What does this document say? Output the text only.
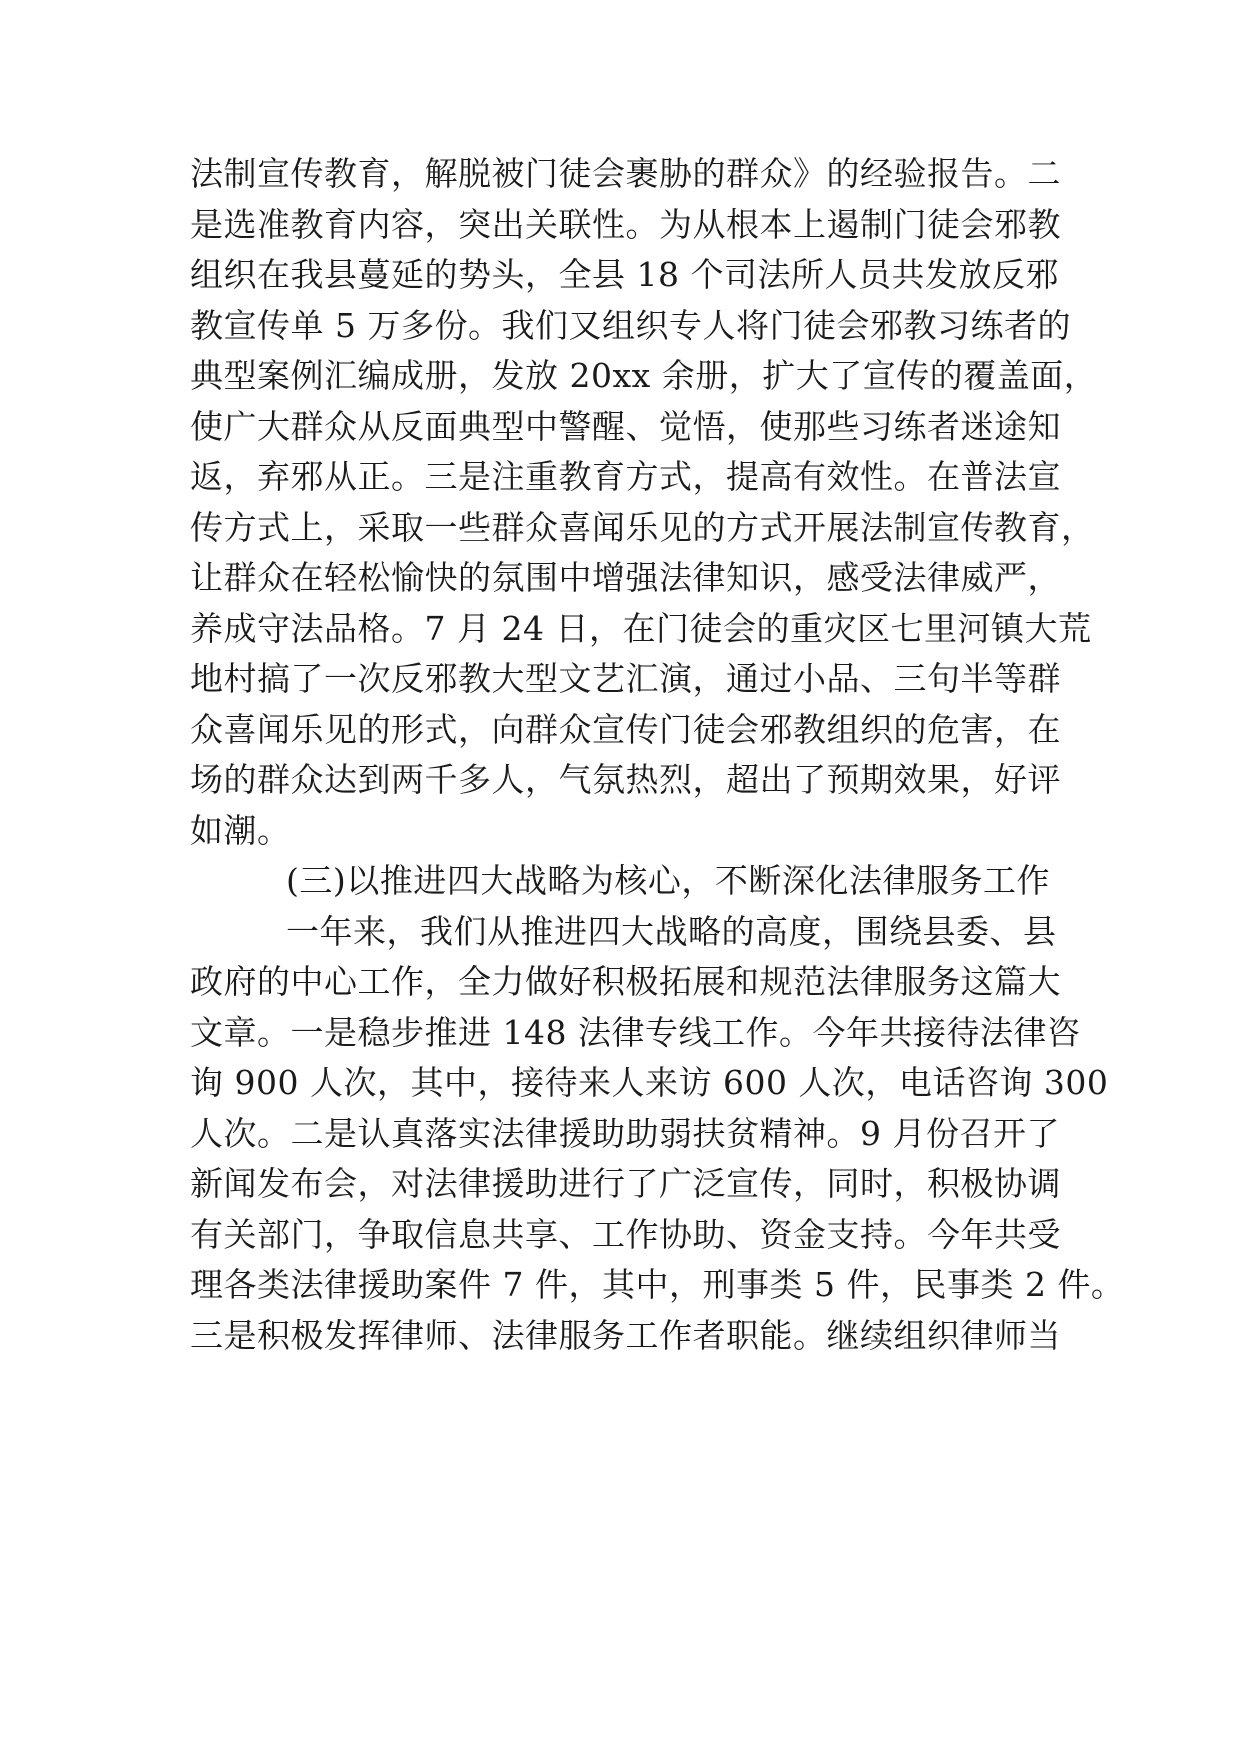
法制宣传教育，解脱被门徒会裹胁的群众》的经验报告。二
是选准教育内容，突出关联性。为从根本上遏制门徒会邪教
组织在我县蔓延的势头，全县 18 个司法所人员共发放反邪
教宣传单 5 万多份。我们又组织专人将门徒会邪教习练者的
典型案例汇编成册，发放 20xx 余册，扩大了宣传的覆盖面，
使广大群众从反面典型中警醒、觉悟，使那些习练者迷途知
返，弃邪从正。三是注重教育方式，提高有效性。在普法宣
传方式上，采取一些群众喜闻乐见的方式开展法制宣传教育，
让群众在轻松愉快的氛围中增强法律知识，感受法律威严，
养成守法品格。7 月 24 日，在门徒会的重灾区七里河镇大荒
地村搞了一次反邪教大型文艺汇演，通过小品、三句半等群
众喜闻乐见的形式，向群众宣传门徒会邪教组织的危害，在
场的群众达到两千多人，气氛热烈，超出了预期效果，好评
如潮。
(三)以推进四大战略为核心，不断深化法律服务工作
一年来，我们从推进四大战略的高度，围绕县委、县
政府的中心工作，全力做好积极拓展和规范法律服务这篇大
文章。一是稳步推进 148 法律专线工作。今年共接待法律咨
询 900 人次，其中，接待来人来访 600 人次，电话咨询 300
人次。二是认真落实法律援助助弱扶贫精神。9 月份召开了
新闻发布会，对法律援助进行了广泛宣传，同时，积极协调
有关部门，争取信息共享、工作协助、资金支持。今年共受
理各类法律援助案件 7 件，其中，刑事类 5 件，民事类 2 件。
三是积极发挥律师、法律服务工作者职能。继续组织律师当
